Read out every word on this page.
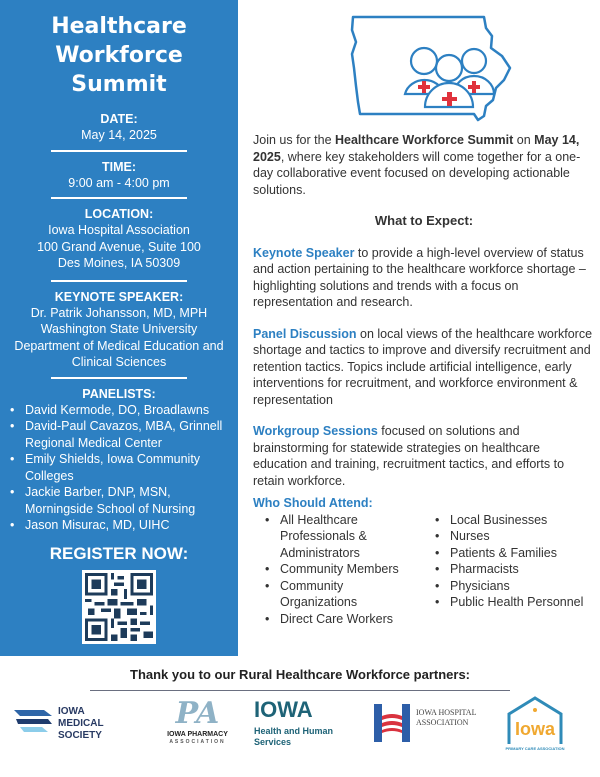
Healthcare Workforce Summit
DATE:
May 14, 2025
TIME:
9:00 am - 4:00 pm
LOCATION:
Iowa Hospital Association
100 Grand Avenue, Suite 100
Des Moines, IA 50309
KEYNOTE SPEAKER:
Dr. Patrik Johansson, MD, MPH
Washington State University
Department of Medical Education and Clinical Sciences
PANELISTS:
• David Kermode, DO, Broadlawns
• David-Paul Cavazos, MBA, Grinnell Regional Medical Center
• Emily Shields, Iowa Community Colleges
• Jackie Barber, DNP, MSN, Morningside School of Nursing
• Jason Misurac, MD, UIHC
REGISTER NOW:

Join us for the Healthcare Workforce Summit on May 14, 2025, where key stakeholders will come together for a one-day collaborative event focused on developing actionable solutions.

What to Expect:

Keynote Speaker to provide a high-level overview of status and action pertaining to the healthcare workforce shortage – highlighting solutions and trends with a focus on representation and research.

Panel Discussion on local views of the healthcare workforce shortage and tactics to improve and diversify recruitment and retention tactics. Topics include artificial intelligence, early interventions for recruitment, and workforce environment & representation

Workgroup Sessions focused on solutions and brainstorming for statewide strategies on healthcare education and training, recruitment tactics, and efforts to retain workforce.

Who Should Attend:
• All Healthcare Professionals & Administrators
• Community Members
• Community Organizations
• Direct Care Workers
• Local Businesses
• Nurses
• Patients & Families
• Pharmacists
• Physicians
• Public Health Personnel
Thank you to our Rural Healthcare Workforce partners:
IOWA MEDICAL SOCIETY
PA
IOWA PHARMACY
ASSOCIATION
IOWA
Health and Human Services
IOWA HOSPITAL ASSOCIATION	Iowa
PRIMARY CARE ASSOCIATION
